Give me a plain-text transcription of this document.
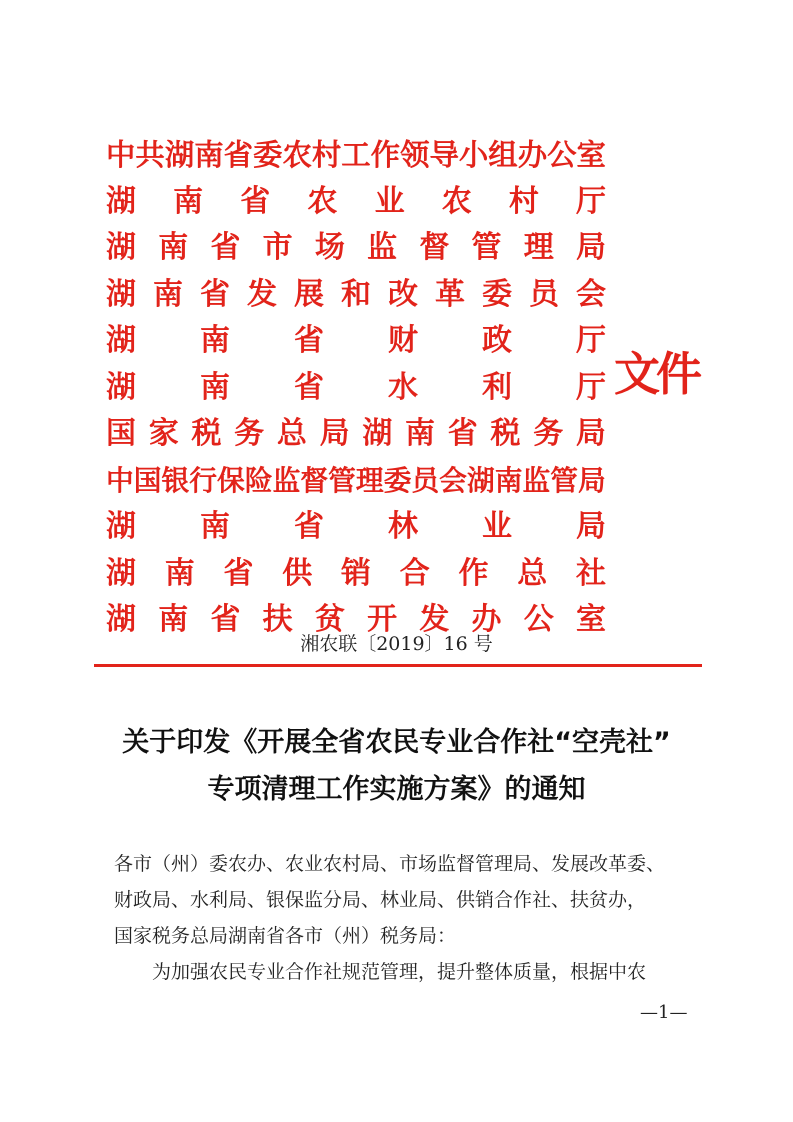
中共湖南省委农村工作领导小组办公室
湖 南 省 农 业 农 村 厅
湖 南 省 市 场 监 督 管 理 局
湖 南 省 发 展 和 改 革 委 员 会
湖 南 省 财 政 厅
湖 南 省 水 利 厅
国 家 税 务 总 局 湖 南 省 税 务 局
中国银行保险监督管理委员会湖南监管局
湖 南 省 林 业 局
湖 南 省 供 销 合 作 总 社
湖 南 省 扶 贫 开 发 办 公 室
文件
湘农联〔2019〕16 号
关于印发《开展全省农民专业合作社“空壳社”
专项清理工作实施方案》的通知
各市（州）委农办、农业农村局、市场监督管理局、发展改革委、
财政局、水利局、银保监分局、林业局、供销合作社、扶贫办，
国家税务总局湖南省各市（州）税务局：
为加强农民专业合作社规范管理，提升整体质量，根据中农
—1—
